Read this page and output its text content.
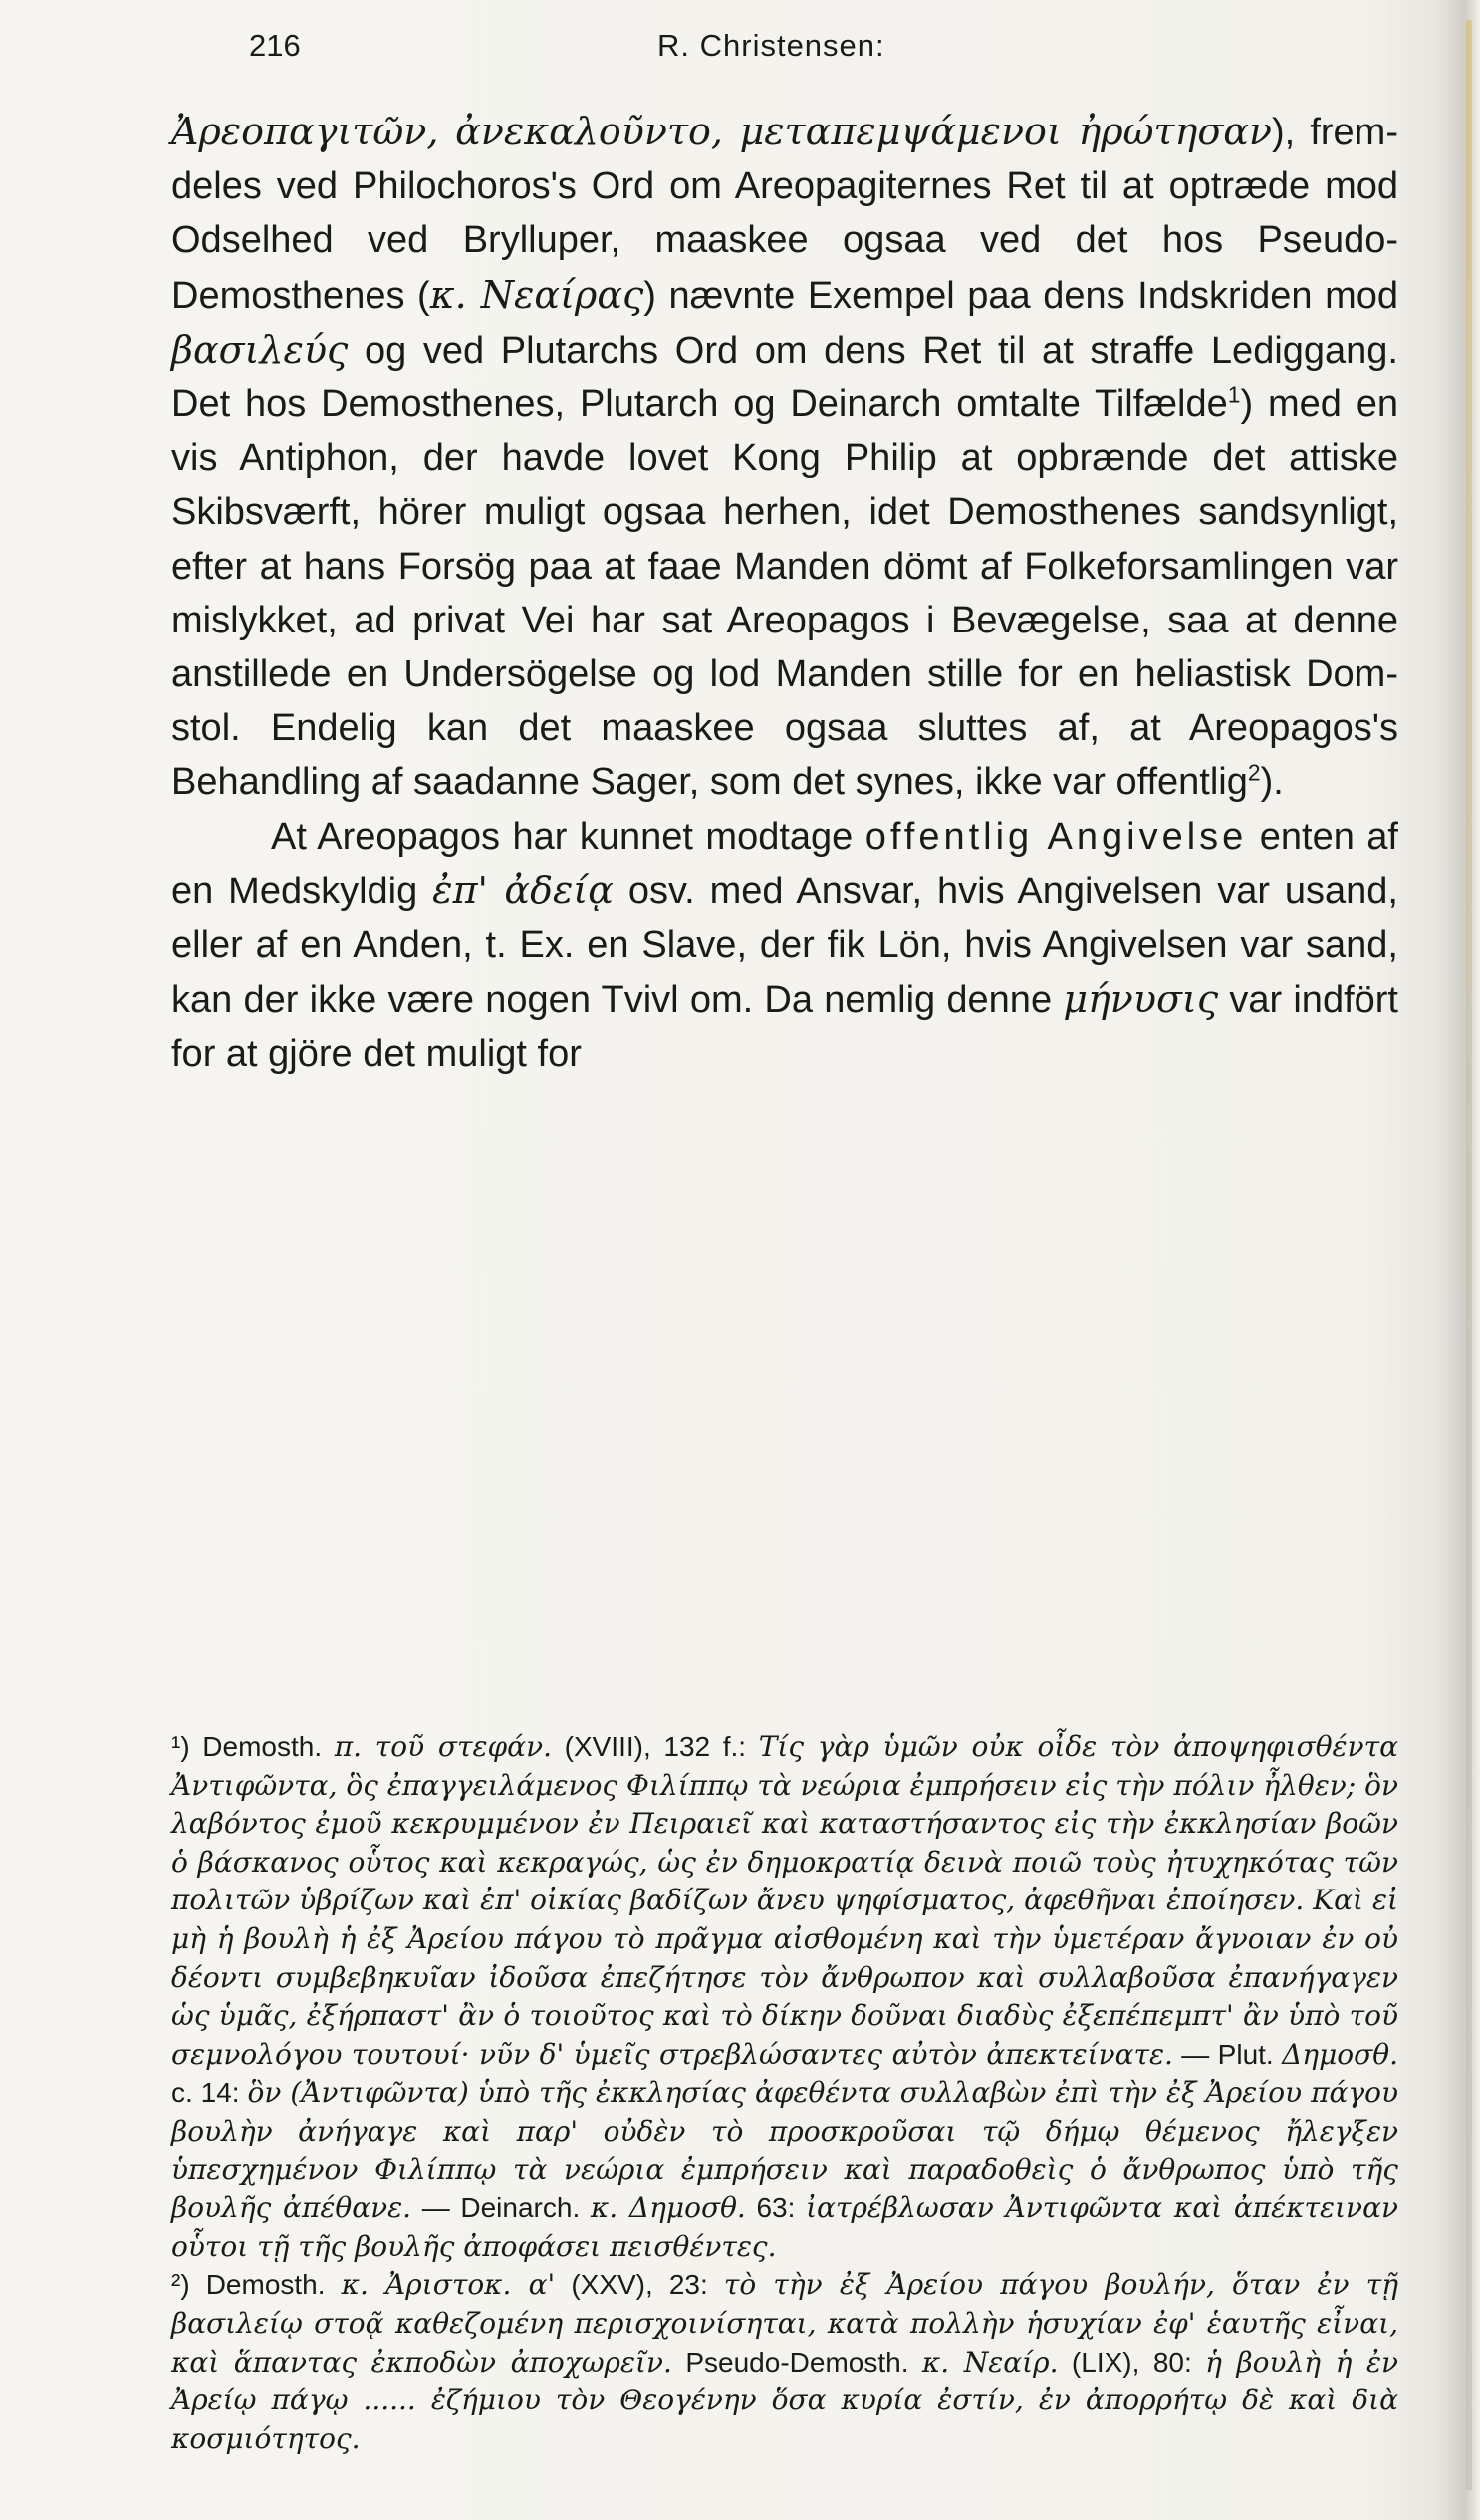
216	R. Christensen:

Ἀρεοπαγιτῶν, ἀνεκαλοῦντο, μεταπεμψάμενοι ἠρώτησαν), fremdeles ved Philochoros's Ord om Areopagiternes Ret til at optræde mod Odselhed ved Brylluper, maaskee ogsaa ved det hos Pseudo-Demosthenes (κ. Νεαίρας) nævnte Exempel paa dens Indskriden mod βασιλεύς og ved Plutarchs Ord om dens Ret til at straffe Lediggang. Det hos Demosthenes, Plutarch og Deinarch omtalte Tilfælde$^1$) med en vis Antiphon, der havde lovet Kong Philip at opbrænde det attiske Skibsværft, hörer muligt ogsaa herhen, idet Demosthenes sandsynligt, efter at hans Forsög paa at faae Manden dömt af Folkeforsamlingen var mislykket, ad privat Vei har sat Areopagos i Bevægelse, saa at denne anstillede en Undersögelse og lod Manden stille for en heliastisk Domstol. Endelig kan det maaskee ogsaa sluttes af, at Areopagos's Behandling af saadanne Sager, som det synes, ikke var offentlig$^2$).

At Areopagos har kunnet modtage offentlig Angivelse enten af en Medskyldig ἐπ' ἀδείᾳ osv. med Ansvar, hvis Angivelsen var usand, eller af en Anden, t. Ex. en Slave, der fik Lön, hvis Angivelsen var sand, kan der ikke være nogen Tvivl om. Da nemlig denne μήνυσις var indfört for at gjöre det muligt for

¹) Demosth. π. τοῦ στεφάν. (XVIII), 132 f.: Τίς γὰρ ὑμῶν οὐκ οἶδε τὸν ἀποψηφισθέντα Ἀντιφῶντα, ὃς ἐπαγγειλάμενος Φιλίππῳ τὰ νεώρια ἐμπρήσειν εἰς τὴν πόλιν ἦλθεν; ὃν λαβόντος ἐμοῦ κεκρυμμένον ἐν Πειραιεῖ καὶ καταστήσαντος εἰς τὴν ἐκκλησίαν βοῶν ὁ βάσκανος οὗτος καὶ κεκραγώς, ὡς ἐν δημοκρατίᾳ δεινὰ ποιῶ τοὺς ἠτυχηκότας τῶν πολιτῶν ὑβρίζων καὶ ἐπ' οἰκίας βαδίζων ἄνευ ψηφίσματος, ἀφεθῆναι ἐποίησεν. Καὶ εἰ μὴ ἡ βουλὴ ἡ ἐξ Ἀρείου πάγου τὸ πρᾶγμα αἰσθομένη καὶ τὴν ὑμετέραν ἄγνοιαν ἐν οὐ δέοντι συμβεβηκυῖαν ἰδοῦσα ἐπεζήτησε τὸν ἄνθρωπον καὶ συλλαβοῦσα ἐπανήγαγεν ὡς ὑμᾶς, ἐξήρπαστ' ἂν ὁ τοιοῦτος καὶ τὸ δίκην δοῦναι διαδὺς ἐξεπέπεμπτ' ἂν ὑπὸ τοῦ σεμνολόγου τουτουί· νῦν δ' ὑμεῖς στρεβλώσαντες αὐτὸν ἀπεκτείνατε. — Plut. Δημοσθ. c. 14: ὃν (Ἀντιφῶντα) ὑπὸ τῆς ἐκκλησίας ἀφεθέντα συλλαβὼν ἐπὶ τὴν ἐξ Ἀρείου πάγου βουλὴν ἀνήγαγε καὶ παρ' οὐδὲν τὸ προσκροῦσαι τῷ δήμῳ θέμενος ἤλεγξεν ὑπεσχημένον Φιλίππῳ τὰ νεώρια ἐμπρήσειν καὶ παραδοθεὶς ὁ ἄνθρωπος ὑπὸ τῆς βουλῆς ἀπέθανε. — Deinarch. κ. Δημοσθ. 63: ἰατρέβλωσαν Ἀντιφῶντα καὶ ἀπέκτειναν οὗτοι τῇ τῆς βουλῆς ἀποφάσει πεισθέντες.

²) Demosth. κ. Ἀριστοκ. α' (XXV), 23: τὸ τὴν ἐξ Ἀρείου πάγου βουλήν, ὅταν ἐν τῇ βασιλείῳ στοᾷ καθεζομένη περισχοινίσηται, κατὰ πολλὴν ἡσυχίαν ἐφ' ἑαυτῆς εἶναι, καὶ ἅπαντας ἐκποδὼν ἀποχωρεῖν. Pseudo-Demosth. κ. Νεαίρ. (LIX), 80: ἡ βουλὴ ἡ ἐν Ἀρείῳ πάγῳ ...... ἐζήμιου τὸν Θεογένην ὅσα κυρία ἐστίν, ἐν ἀπορρήτῳ δὲ καὶ διὰ κοσμιότητος.
